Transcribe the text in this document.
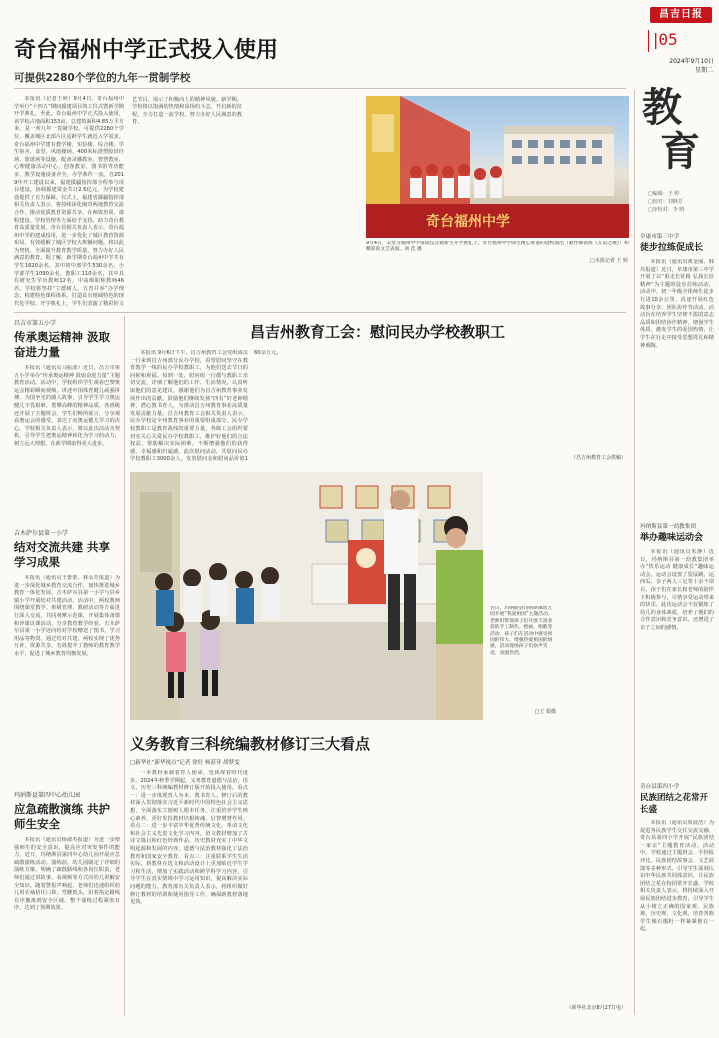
昌吉日报
|05
2024年9月10日
星期二
教
育
□编辑：王 婷
□校对：刘继芳
□审校对：李 晴
奇台福州中学正式投入使用
可提供2280个学位的九年一贯制学校

本报讯（记者王婷）9月4日，奇台福州中学举行“十四五”期间援建项目竣工仪式暨新学期开学典礼。至此，奇台福州中学正式投入使用，该学校占地面积153亩，总建筑面积4.85万平方米，是一所九年一贯制学校，可提供2280个学位，覆盖城区北部片区适龄学生就近入学需求。奇台福州中学建有教学楼、实验楼、综合楼、学生宿舍、食堂、风雨操场、400米标准塑胶田径场、篮球场等设施，配备录播教室、智慧教室、心理健康活动中心、创客教室、图书馆等功能室，教学设施设备齐全，办学条件一流。自2019年开工建设以来，福建援疆指挥部全程参与项目建设，协调援建资金共计2.6亿元，为学校建设提供了有力保障。仪式上，福建省援疆指挥部相关负责人表示，将持续深化闽奇两地教育交流合作，推动优质教育资源共享，在师资培训、课程建设、学校管理等方面给予支持，助力奇台教育高质量发展。奇台县相关负责人表示，奇台福州中学的建成投用，进一步优化了城区教育资源布局，有效缓解了城区学校大班额问题，将以此为契机，全面提升教育教学质量，努力办好人民满意的教育。据了解，新学期奇台福州中学共有学生1620余名，其中初中部学生530余名，小学部学生1090余名，教职工110余名，其中具有研究生学历教师12名，中高级职称教师46名。学校将坚持“立德树人、五育并举”办学理念，构建特色课程体系，打造具有地域特色的现代化学校。开学典礼上，学生们表演了精彩的文

艺节目，展示了积极向上的精神风貌。新学期，学校将以饱满的热情和昂扬的斗志，开启新的征程，全力打造一流学校，努力办好人民满意的教育。

奇台福州中学
9月4日，吴堂分福州中学落成仪式暨新生开学典礼上，奇台福州中学师生精心准备的进校演出（歌伴舞表演《友谊之歌》）和精彩的文艺表演。刘 佳 摄
□本报记者 王 婷

昌吉市第五小学
传承奥运精神 汲取奋进力量

本报讯（通讯员马振波）近日，昌吉市第五小学举办“传承奥运精神 汲取奋进力量”主题教育活动。活动中，学校组织学生观看巴黎奥运会精彩瞬间视频，讲述中国体育健儿顽强拼搏、为国争光的感人故事，引导学生学习奥运健儿不畏艰难、勇攀高峰的精神品质。各班级还开展了主题班会，学生们畅所欲言，分享观看奥运会的感受，表达了向奥运健儿学习的决心。学校相关负责人表示，将以此次活动为契机，引导学生把奥运精神转化为学习的动力，树立远大理想，在新学期取得更大进步。

吉木萨尔县第一小学
结对交流共建 共享学习成果

本报讯（通讯员王蕾蕾、林永芳报道）为进一步深化城乡教育交流合作，加快推进城乡教育一体化发展，吉木萨尔县第一小学与县乡镇小学开展结对共建活动。活动中，两校教师围绕课堂教学、班级管理、教研活动等方面进行深入交流，共同观摩示范课，开展集体备课和评课议课活动，分享教育教学经验。吉木萨尔县第一小学还向结对学校赠送了图书、学习用品等物资。通过结对共建，两校实现了优势互补、资源共享，有效提升了教师的教育教学水平，促进了城乡教育均衡发展。

玛纳斯县第四中心幼儿园
应急疏散演练 共护师生安全

本报讯（通讯员杨淑英报道）为进一步增强师生的安全意识，提高应对突发事件的能力，近日，玛纳斯县第四中心幼儿园开展应急疏散演练活动。演练前，幼儿园制定了详细的演练方案，明确了疏散路线和各岗位职责，老师们通过讲故事、看视频等方式向幼儿讲解安全知识。随着警报声响起，老师们迅速组织幼儿用衣袖捂住口鼻、弯腰低头，沿着指定路线有序撤离到安全区域。整个演练过程紧张有序，达到了预期效果。

昌吉州教育工会：慰问民办学校教职工

本报讯 9月6日下午，昌吉州教育工会党组成员一行来到昌吉州部分民办学校，看望慰问坚守在教育教学一线的民办学校教职工，为他们送去节日的问候和祝福。每到一处，慰问组一行都与教职工亲切交流，详细了解他们的工作、生活情况，认真听取他们的意见建议，感谢他们为昌吉州教育事业发展作出的贡献，鼓励他们继续发扬“四有”好老师精神，潜心教书育人，为推动昌吉州教育事业高质量发展贡献力量。昌吉州教育工会相关负责人表示，民办学校是全州教育事业的重要组成部分，民办学校教职工是教育战线的重要力量，各级工会组织要切实关心关爱民办学校教职工，维护好他们的合法权益，帮助解决实际困难，不断增强他们的获得感、幸福感和归属感。此次慰问活动，共慰问民办学校教职工3000余人，发放慰问金和慰问品价值1

60余万元。

（昌吉州教育工会供稿）
近日，玛纳斯县玛纳斯镇幼儿园开展“我爱祖国”主题活动，老师们带领孩子们开展丰富多彩的手工制作、绘画、唱歌等活动，孩子们在活动中感受祖国的伟大，增强热爱祖国的情感，活动现场孩子们欢声笑语，氛围热烈。
□王 娟摄
义务教育三科统编教材修订三大看点
□新华社“新华视点”记者 徐壮 杨湛菲 胡梦雯

一本教材承载着育人使命，也体现着时代进步。2024年秋季学期起，义务教育道德与法治、语文、历史三科统编教材修订版开始投入使用。看点一：进一步体现育人为本、教书育人。修订后的教材深入贯彻落实习近平新时代中国特色社会主义思想，全面落实立德树人根本任务，注重培养学生核心素养，更好发挥教材培根铸魂、启智增慧作用。看点二：进一步丰富中华优秀传统文化、革命文化和社会主义先进文化学习内容。语文教材增加了古诗文篇目和红色经典作品，历史教材充实了中华文明起源和发展的内容，道德与法治教材强化了法治教育和国家安全教育。看点三：注重联系学生生活实际。新教材在选文和活动设计上更加贴近学生学习和生活，增加了实践活动和跨学科学习内容，引导学生在真实情境中学习运用知识，提高解决实际问题的能力。教育部有关负责人表示，将组织做好修订教材的培训和使用指导工作，确保新教材落地见效。

（新华社北京8月27日电）
阜康市第三中学
徒步拉练促成长

本报讯（通讯员黄金丽、韩丹报道）近日，阜康市第三中学开展了以“重走长征路 弘扬长征精神”为主题的徒步拉练活动。活动中，初一年级全体师生徒步行进10余公里，沿途开展红色故事分享、团队协作等活动。活动旨在培养学生坚韧不拔的意志品质和团结协作精神，增强学生体质，激发学生的爱国热情，让学生在行走中接受思想洗礼和精神熏陶。

玛纳斯县第一幼教集团
举办趣味运动会

本报讯（通讯员朱静）近日，玛纳斯县第一幼教集团举办“快乐运动 健康成长”趣味运动会。运动会设置了袋鼠跳、运西瓜、亲子两人三足等十余个项目，孩子们在家长和老师的陪伴下积极参与，尽情享受运动带来的快乐。此次运动会不仅锻炼了幼儿的身体素质，培养了他们的合作意识和竞争意识，还增进了亲子之间的感情。

奇台县第四小学
民族团结之花常开长盛

本报讯（通讯员贾晨浩）为促进各民族学生交往交流交融，奇台县第四小学开展“民族团结一家亲”主题教育活动。活动中，学校通过主题班会、手抄报评比、民族团结故事会、文艺展演等多种形式，引导学生深刻认识中华民族共同体意识，让民族团结之花在校园常开长盛。学校相关负责人表示，将持续深入开展民族团结进步教育，引导学生从小树立正确的国家观、民族观、历史观、文化观，培育各族学生像石榴籽一样紧紧抱在一起。
